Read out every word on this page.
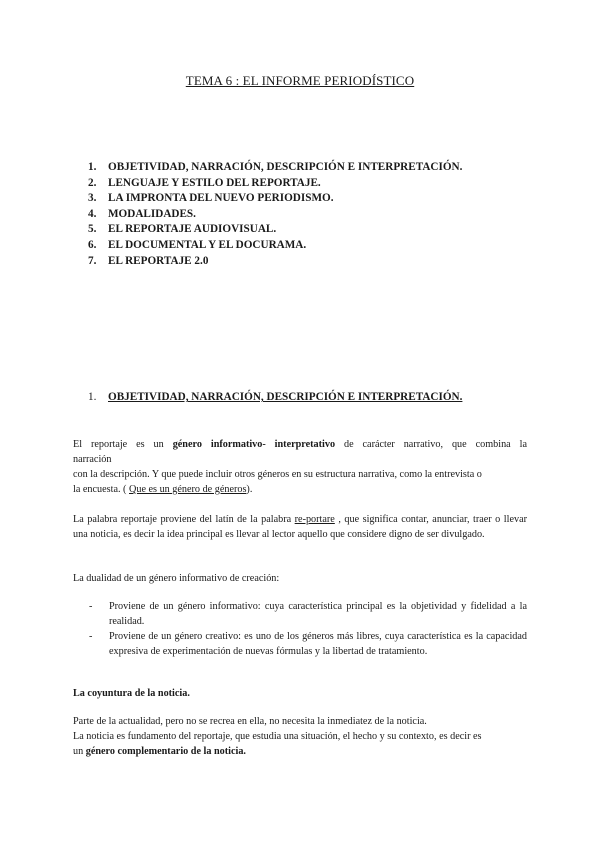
TEMA 6 : EL INFORME PERIODÍSTICO
1. OBJETIVIDAD, NARRACIÓN, DESCRIPCIÓN E INTERPRETACIÓN.
2. LENGUAJE Y ESTILO DEL REPORTAJE.
3. LA IMPRONTA DEL NUEVO PERIODISMO.
4. MODALIDADES.
5. EL REPORTAJE AUDIOVISUAL.
6. EL DOCUMENTAL Y EL DOCURAMA.
7. EL REPORTAJE 2.0
1. OBJETIVIDAD, NARRACIÓN, DESCRIPCIÓN E INTERPRETACIÓN.
El reportaje es un género informativo- interpretativo de carácter narrativo, que combina la
narración
con la descripción. Y que puede incluir otros géneros en su estructura narrativa, como la entrevista o
la encuesta. ( Que es un género de géneros).

La palabra reportaje proviene del latín de la palabra re-portare , que significa contar, anunciar, traer o llevar una noticia, es decir la idea principal es llevar al lector aquello que considere digno de ser divulgado.

La dualidad de un género informativo de creación:

- Proviene de un género informativo: cuya característica principal es la objetividad y fidelidad a la realidad.
- Proviene de un género creativo: es uno de los géneros más libres, cuya característica es la capacidad expresiva de experimentación de nuevas fórmulas y la libertad de tratamiento.

La coyuntura de la noticia.

Parte de la actualidad, pero no se recrea en ella, no necesita la inmediatez de la noticia.

La noticia es fundamento del reportaje, que estudia una situación, el hecho y su contexto, es decir es
un género complementario de la noticia.
